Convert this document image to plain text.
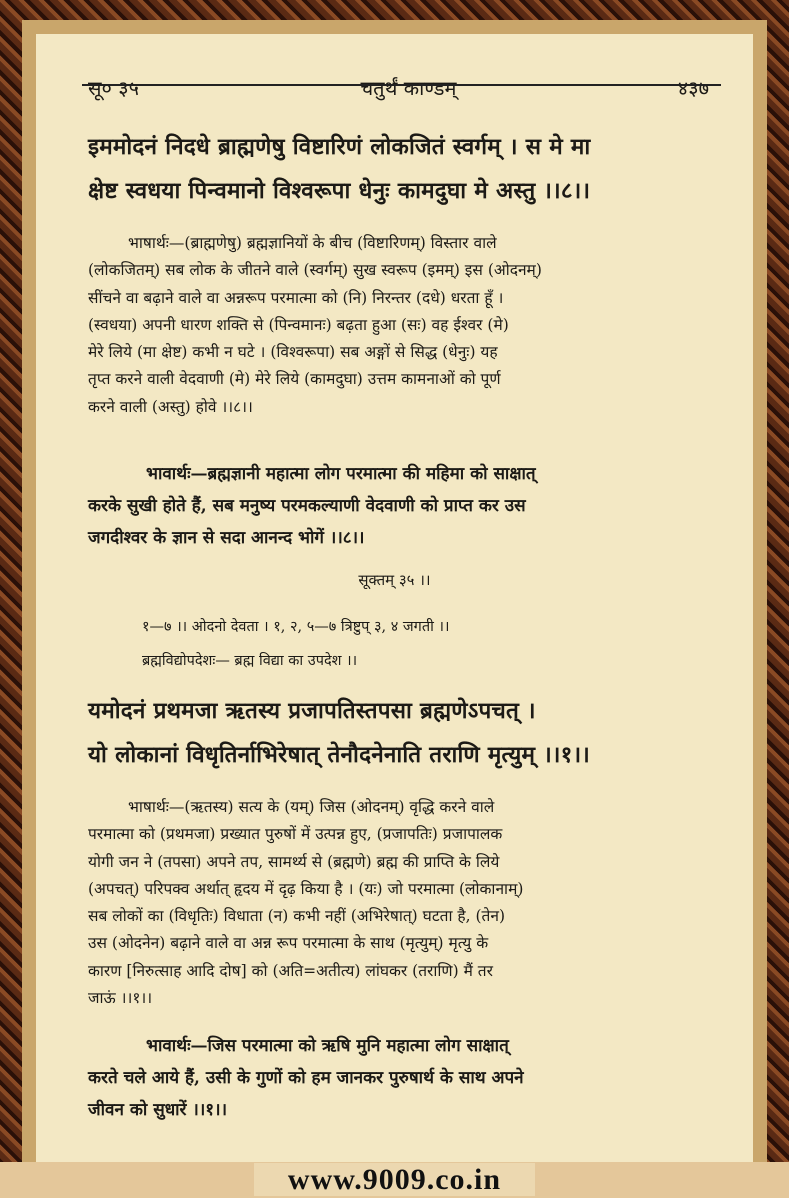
सू० ३५	चतुर्थं काण्डम्	४३७
इममोदनं निदधे ब्राह्मणेषु विष्टारिणं लोकजितं स्वर्गम् । स मे मा
क्षेष्ट स्वधया पिन्वमानो विश्वरूपा धेनुः कामदुघा मे अस्तु ।।८।।
भाषार्थः—(ब्राह्मणेषु) ब्रह्मज्ञानियों के बीच (विष्टारिणम्) विस्तार वाले
(लोकजितम्) सब लोक के जीतने वाले (स्वर्गम्) सुख स्वरूप (इमम्) इस (ओदनम्)
सींचने वा बढ़ाने वाले वा अन्नरूप परमात्मा को (नि) निरन्तर (दधे) धरता हूँ ।
(स्वधया) अपनी धारण शक्ति से (पिन्वमानः) बढ़ता हुआ (सः) वह ईश्वर (मे)
मेरे लिये (मा क्षेष्ट) कभी न घटे । (विश्वरूपा) सब अङ्गों से सिद्ध (धेनुः) यह
तृप्त करने वाली वेदवाणी (मे) मेरे लिये (कामदुघा) उत्तम कामनाओं को पूर्ण
करने वाली (अस्तु) होवे ।।८।।
भावार्थः—ब्रह्मज्ञानी महात्मा लोग परमात्मा की महिमा को साक्षात्
करके सुखी होते हैं, सब मनुष्य परमकल्याणी वेदवाणी को प्राप्त कर उस
जगदीश्वर के ज्ञान से सदा आनन्द भोगें ।।८।।
सूक्तम् ३५ ।।
१—७ ।। ओदनो देवता । १, २, ५—७ त्रिष्टुप् ३, ४ जगती ।।
ब्रह्मविद्योपदेशः— ब्रह्म विद्या का उपदेश ।।
यमोदनं प्रथमजा ऋतस्य प्रजापतिस्तपसा ब्रह्मणेऽपचत् ।
यो लोकानां विधृतिर्नाभिरेषात् तेनौदनेनाति तराणि मृत्युम् ।।१।।
भाषार्थः—(ऋतस्य) सत्य के (यम्) जिस (ओदनम्) वृद्धि करने वाले
परमात्मा को (प्रथमजा) प्रख्यात पुरुषों में उत्पन्न हुए, (प्रजापतिः) प्रजापालक
योगी जन ने (तपसा) अपने तप, सामर्थ्य से (ब्रह्मणे) ब्रह्म की प्राप्ति के लिये
(अपचत्) परिपक्व अर्थात् हृदय में दृढ़ किया है । (यः) जो परमात्मा (लोकानाम्)
सब लोकों का (विधृतिः) विधाता (न) कभी नहीं (अभिरेषात्) घटता है, (तेन)
उस (ओदनेन) बढ़ाने वाले वा अन्न रूप परमात्मा के साथ (मृत्युम्) मृत्यु के
कारण [निरुत्साह आदि दोष] को (अति=अतीत्य) लांघकर (तराणि) मैं तर
जाऊं ।।१।।
भावार्थः—जिस परमात्मा को ऋषि मुनि महात्मा लोग साक्षात्
करते चले आये हैं, उसी के गुणों को हम जानकर पुरुषार्थ के साथ अपने
जीवन को सुधारें ।।१।।
www.9009.co.in
